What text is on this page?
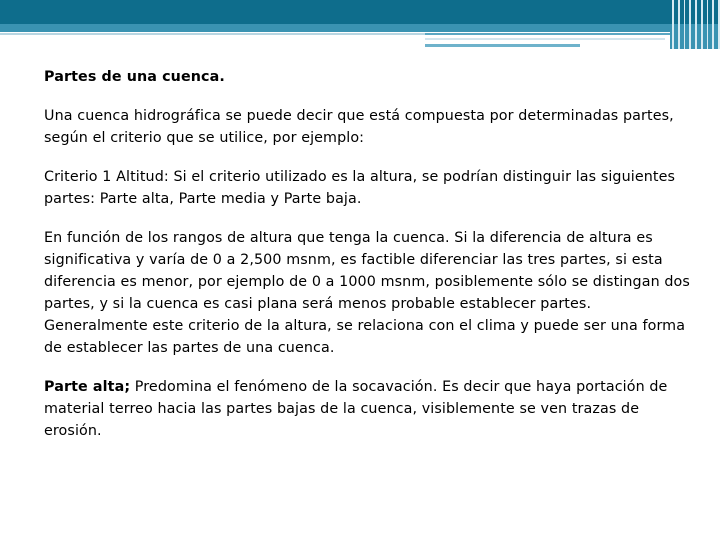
Partes de una cuenca.

Una cuenca hidrográfica se puede decir que está compuesta por determinadas partes, según el criterio que se utilice, por ejemplo:

Criterio 1 Altitud: Si el criterio utilizado es la altura, se podrían distinguir las siguientes partes: Parte alta, Parte media y Parte baja.

En función de los rangos de altura que tenga la cuenca. Si la diferencia de altura es significativa y varía de 0 a 2,500 msnm, es factible diferenciar las tres partes, si esta diferencia es menor, por ejemplo de 0 a 1000 msnm, posiblemente sólo se distingan dos partes, y si la cuenca es casi plana será menos probable establecer partes. Generalmente este criterio de la altura, se relaciona con el clima y puede ser una forma de establecer las partes de una cuenca.

Parte alta; Predomina el fenómeno de la socavación. Es decir que haya portación de material terreo hacia las partes bajas de la cuenca, visiblemente se ven trazas de erosión.
